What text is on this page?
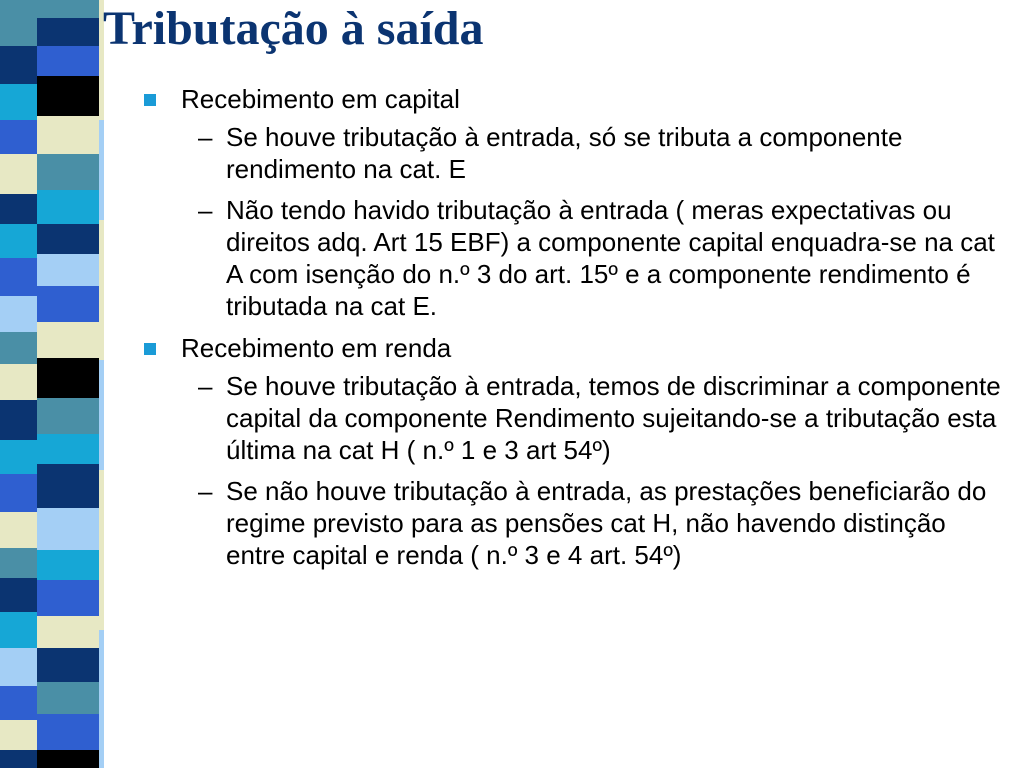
Tributação à saída
Recebimento em capital
– Se houve tributação à entrada, só se tributa a componente rendimento na cat. E
– Não tendo havido tributação à entrada ( meras expectativas ou direitos adq. Art 15 EBF) a componente capital enquadra-se na cat A com isenção do n.º 3 do art. 15º e a componente rendimento é tributada na cat E.
Recebimento em renda
– Se houve tributação à entrada, temos de discriminar a componente capital da componente Rendimento sujeitando-se a tributação esta última na cat H ( n.º 1 e 3 art 54º)
– Se não houve tributação à entrada, as prestações beneficiarão do regime previsto para as pensões cat H, não havendo distinção entre capital e renda ( n.º 3 e 4 art. 54º)
